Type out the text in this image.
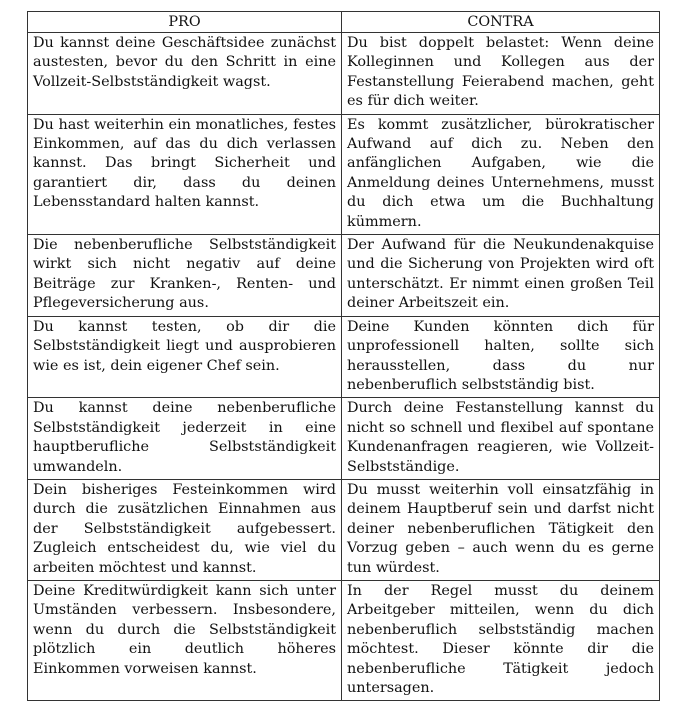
PRO	CONTRA
Du kannst deine Geschäftsidee zunächst austesten, bevor du den Schritt in eine Vollzeit-Selbstständigkeit wagst.	Du bist doppelt belastet: Wenn deine Kolleginnen und Kollegen aus der Festanstellung Feierabend machen, geht es für dich weiter.
Du hast weiterhin ein monatliches, festes Einkommen, auf das du dich verlassen kannst. Das bringt Sicherheit und garantiert dir, dass du deinen Lebensstandard halten kannst.	Es kommt zusätzlicher, bürokratischer Aufwand auf dich zu. Neben den anfänglichen Aufgaben, wie die Anmeldung deines Unternehmens, musst du dich etwa um die Buchhaltung kümmern.
Die nebenberufliche Selbstständigkeit wirkt sich nicht negativ auf deine Beiträge zur Kranken-, Renten- und Pflegeversicherung aus.	Der Aufwand für die Neukundenakquise und die Sicherung von Projekten wird oft unterschätzt. Er nimmt einen großen Teil deiner Arbeitszeit ein.
Du kannst testen, ob dir die Selbstständigkeit liegt und ausprobieren wie es ist, dein eigener Chef sein.	Deine Kunden könnten dich für unprofessionell halten, sollte sich herausstellen, dass du nur nebenberuflich selbstständig bist.
Du kannst deine nebenberufliche Selbstständigkeit jederzeit in eine hauptberufliche Selbstständigkeit umwandeln.	Durch deine Festanstellung kannst du nicht so schnell und flexibel auf spontane Kundenanfragen reagieren, wie Vollzeit-Selbstständige.
Dein bisheriges Festeinkommen wird durch die zusätzlichen Einnahmen aus der Selbstständigkeit aufgebessert. Zugleich entscheidest du, wie viel du arbeiten möchtest und kannst.	Du musst weiterhin voll einsatzfähig in deinem Hauptberuf sein und darfst nicht deiner nebenberuflichen Tätigkeit den Vorzug geben – auch wenn du es gerne tun würdest.
Deine Kreditwürdigkeit kann sich unter Umständen verbessern. Insbesondere, wenn du durch die Selbstständigkeit plötzlich ein deutlich höheres Einkommen vorweisen kannst.	In der Regel musst du deinem Arbeitgeber mitteilen, wenn du dich nebenberuflich selbstständig machen möchtest. Dieser könnte dir die nebenberufliche Tätigkeit jedoch untersagen.
